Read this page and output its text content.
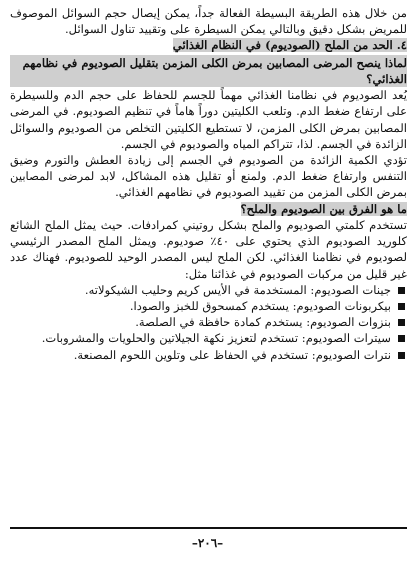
من خلال هذه الطريقة البسيطة الفعالة جداً، يمكن إيصال حجم السوائل الموصوف للمريض بشكل دقيق وبالتالي يمكن السيطرة على وتقييد تناول السوائل.

٤. الحد من الملح (الصوديوم) في النظام الغذائي
لماذا ينصح المرضى المصابين بمرض الكلى المزمن بتقليل الصوديوم في نظامهم الغذائي؟

يُعد الصوديوم في نظامنا الغذائي مهماً للجسم للحفاظ على حجم الدم وللسيطرة على ارتفاع ضغط الدم. وتلعب الكليتين دوراً هاماً في تنظيم الصوديوم. في المرضى المصابين بمرض الكلى المزمن، لا تستطيع الكليتين التخلص من الصوديوم والسوائل الزائدة في الجسم. لذا، تتراكم المياه والصوديوم في الجسم.

تؤدي الكمية الزائدة من الصوديوم في الجسم إلى زيادة العطش والتورم وضيق التنفس وارتفاع ضغط الدم. ولمنع أو تقليل هذه المشاكل، لابد لمرضى المصابين بمرض الكلى المزمن من تقييد الصوديوم في نظامهم الغذائي.

ما هو الفرق بين الصوديوم والملح؟

تستخدم كلمتي الصوديوم والملح بشكل روتيني كمرادفات. حيث يمثل الملح الشائع كلوريد الصوديوم الذي يحتوي على ٤٠٪ صوديوم. ويمثل الملح المصدر الرئيسي لصوديوم في نظامنا الغذائي. لكن الملح ليس المصدر الوحيد للصوديوم. فهناك عدد غير قليل من مركبات الصوديوم في غذائنا مثل:

جينات الصوديوم: المستخدمة في الأيس كريم وحليب الشيكولاته.
بيكربونات الصوديوم: يستخدم كمسحوق للخبز والصودا.
بنزوات الصوديوم: يستخدم كمادة حافظة في الصلصة.
سيترات الصوديوم: تستخدم لتعزيز نكهة الجيلاتين والحلويات والمشروبات.
نترات الصوديوم: تستخدم في الحفاظ على وتلوين اللحوم المصنعة.
–٢٠٦–
